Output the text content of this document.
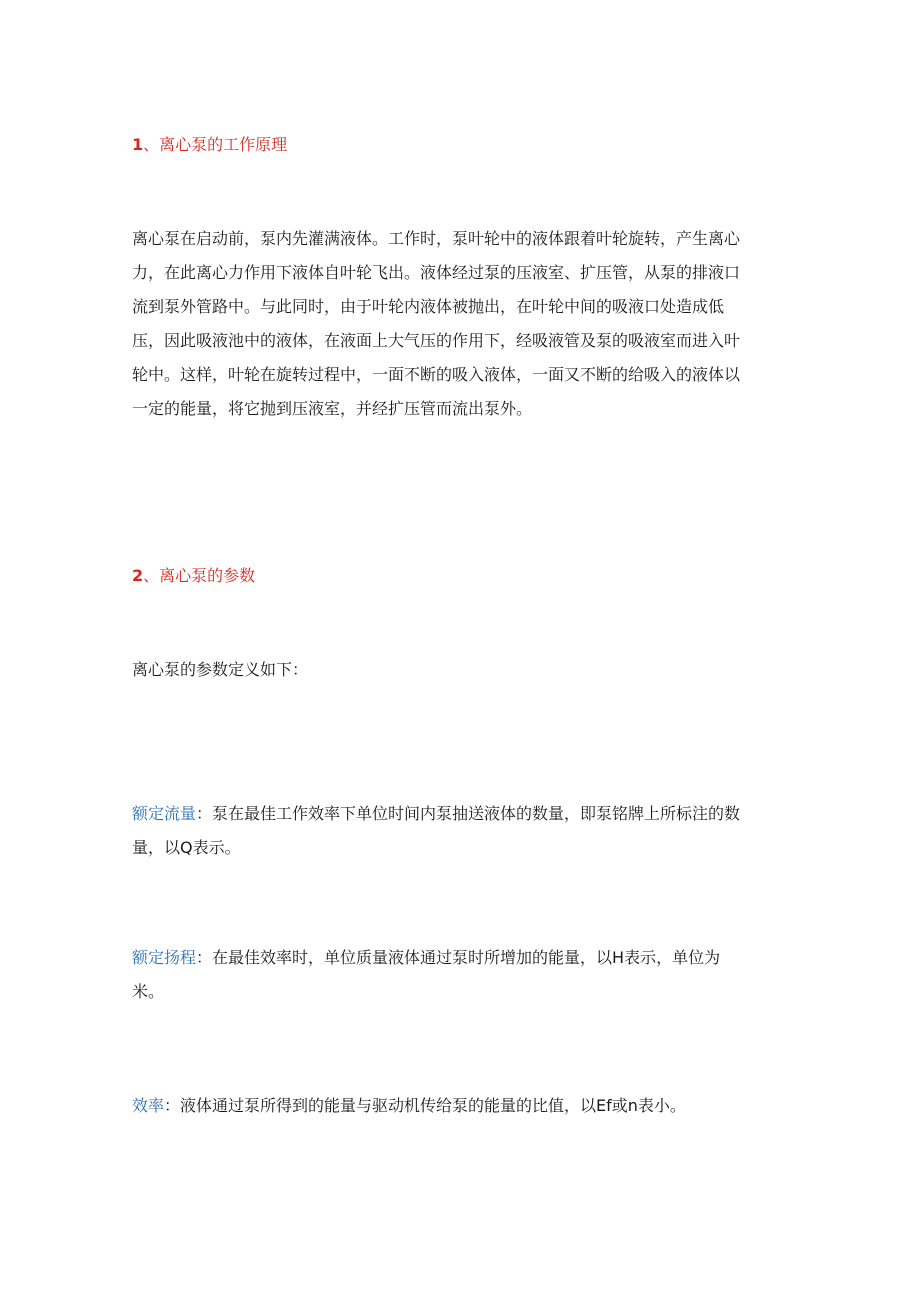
1、离心泵的工作原理
离心泵在启动前，泵内先灌满液体。工作时，泵叶轮中的液体跟着叶轮旋转，产生离心
力，在此离心力作用下液体自叶轮飞出。液体经过泵的压液室、扩压管，从泵的排液口
流到泵外管路中。与此同时，由于叶轮内液体被抛出，在叶轮中间的吸液口处造成低
压，因此吸液池中的液体，在液面上大气压的作用下，经吸液管及泵的吸液室而进入叶
轮中。这样，叶轮在旋转过程中，一面不断的吸入液体，一面又不断的给吸入的液体以
一定的能量，将它抛到压液室，并经扩压管而流出泵外。
2、离心泵的参数
离心泵的参数定义如下：
额定流量：泵在最佳工作效率下单位时间内泵抽送液体的数量，即泵铭牌上所标注的数
量，以Q表示。
额定扬程：在最佳效率时，单位质量液体通过泵时所增加的能量，以H表示，单位为
米。
效率：液体通过泵所得到的能量与驱动机传给泵的能量的比值，以Ef或n表小。
